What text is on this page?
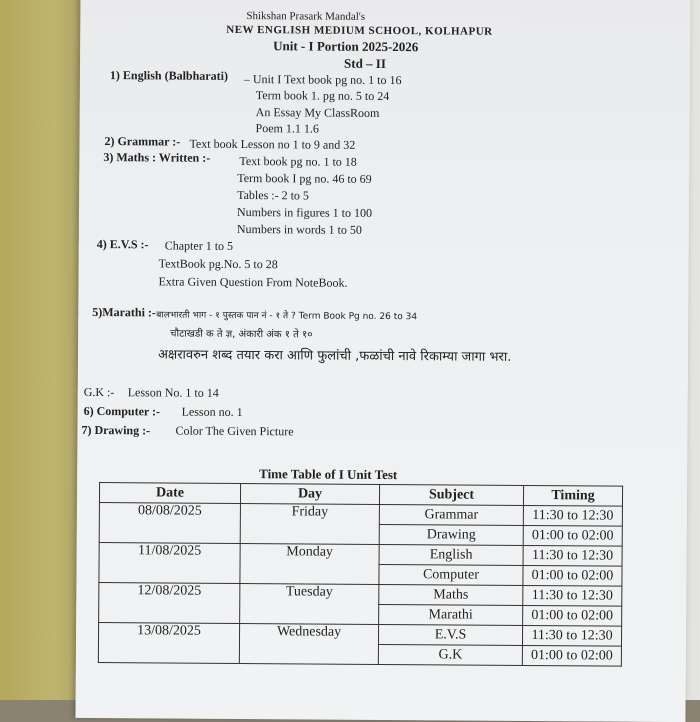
Shikshan Prasark Mandal's
NEW ENGLISH MEDIUM SCHOOL, KOLHAPUR
Unit - I Portion 2025-2026
Std – II
1) English (Balbharati) – Unit I Text book pg no. 1 to 16
Term book 1. pg no. 5 to 24
An Essay My ClassRoom
Poem 1.1 1.6
2) Grammar :- Text book Lesson no 1 to 9 and 32
3) Maths : Written :- Text book pg no. 1 to 18
Term book I pg no. 46 to 69
Tables :- 2 to 5
Numbers in figures 1 to 100
Numbers in words 1 to 50
4) E.V.S :- Chapter 1 to 5
TextBook pg.No. 5 to 28
Extra Given Question From NoteBook.
5)Marathi :- बालभारती भाग - १ पुस्तक पान नं - १ ते ? Term Book Pg no. 26 to 34
चौटाखडी क ते ज्ञ, अंकारी अंक १ ते १०
अक्षरावरुन शब्द तयार करा आणि फुलांची ,फळांची नावे रिकाम्या जागा भरा.
G.K :- Lesson No. 1 to 14
6) Computer :- Lesson no. 1
7) Drawing :- Color The Given Picture
Time Table of I Unit Test
Date	Day	Subject	Timing
08/08/2025	Friday	Grammar	11:30 to 12:30
		Drawing	01:00 to 02:00
11/08/2025	Monday	English	11:30 to 12:30
		Computer	01:00 to 02:00
12/08/2025	Tuesday	Maths	11:30 to 12:30
		Marathi	01:00 to 02:00
13/08/2025	Wednesday	E.V.S	11:30 to 12:30
		G.K	01:00 to 02:00
